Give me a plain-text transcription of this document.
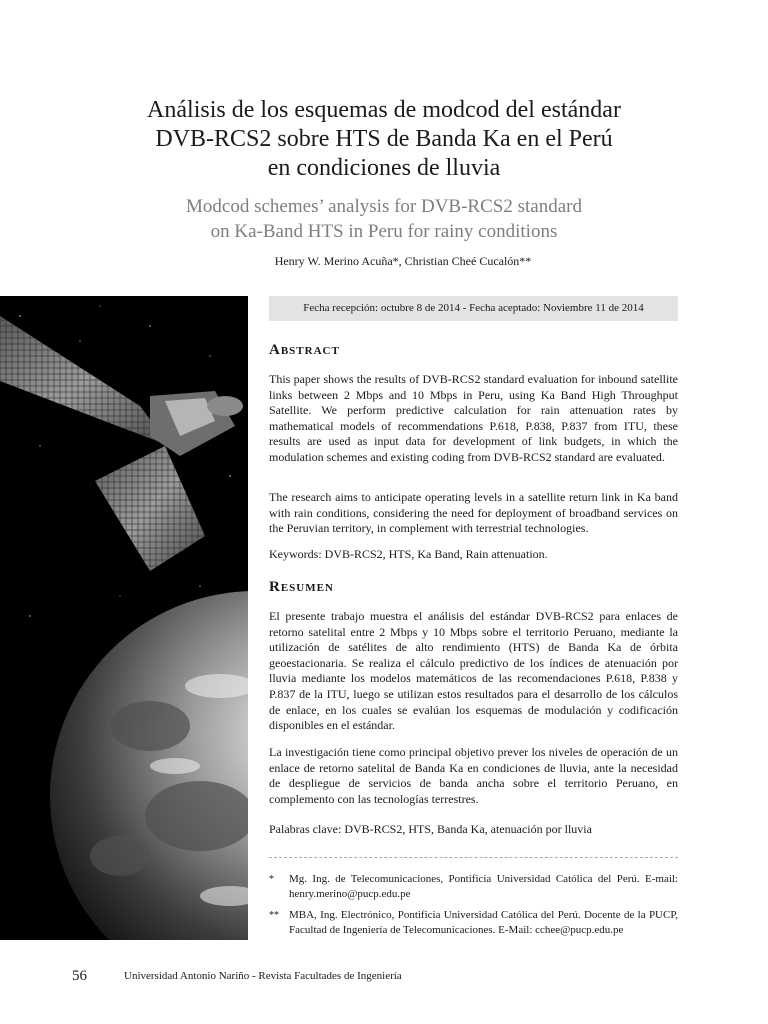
Análisis de los esquemas de modcod del estándar
DVB-RCS2 sobre HTS de Banda Ka en el Perú
en condiciones de lluvia
Modcod schemes’ analysis for DVB-RCS2 standard
on Ka-Band HTS in Peru for rainy conditions
Henry W. Merino Acuña*, Christian Cheé Cucalón**
Fecha recepción: octubre 8 de 2014 - Fecha aceptado: Noviembre 11 de 2014
Abstract
This paper shows the results of DVB-RCS2 standard evaluation for inbound satellite links between 2 Mbps and 10 Mbps in Peru, using Ka Band High Throughput Satellite. We perform predictive calculation for rain attenuation rates by mathematical models of recommendations P.618, P.838, P.837 from ITU, these results are used as input data for development of link budgets, in which the modulation schemes and existing coding from DVB-RCS2 standard are evaluated.
The research aims to anticipate operating levels in a satellite return link in Ka band with rain conditions, considering the need for deployment of broadband services on the Peruvian territory, in complement with terrestrial technologies.
Keywords: DVB-RCS2, HTS, Ka Band, Rain attenuation.
Resumen
El presente trabajo muestra el análisis del estándar DVB-RCS2 para enlaces de retorno satelital entre 2 Mbps y 10 Mbps sobre el territorio Peruano, mediante la utilización de satélites de alto rendimiento (HTS) de Banda Ka de órbita geoestacionaria. Se realiza el cálculo predictivo de los índices de atenuación por lluvia mediante los modelos matemáticos de las recomendaciones P.618, P.838 y P.837 de la ITU, luego se utilizan estos resultados para el desarrollo de los cálculos de enlace, en los cuales se evalúan los esquemas de modulación y codificación disponibles en el estándar.
La investigación tiene como principal objetivo prever los niveles de operación de un enlace de retorno satelital de Banda Ka en condiciones de lluvia, ante la necesidad de despliegue de servicios de banda ancha sobre el territorio Peruano, en complemento con las tecnologías terrestres.
Palabras clave: DVB-RCS2, HTS, Banda Ka, atenuación por lluvia
* Mg. Ing. de Telecomunicaciones, Pontificia Universidad Católica del Perú. E-mail: henry.merino@pucp.edu.pe
** MBA, Ing. Electrónico, Pontificia Universidad Católica del Perú. Docente de la PUCP, Facultad de Ingeniería de Telecomunicaciones. E-Mail: cchee@pucp.edu.pe
56	Universidad Antonio Nariño - Revista Facultades de Ingeniería
